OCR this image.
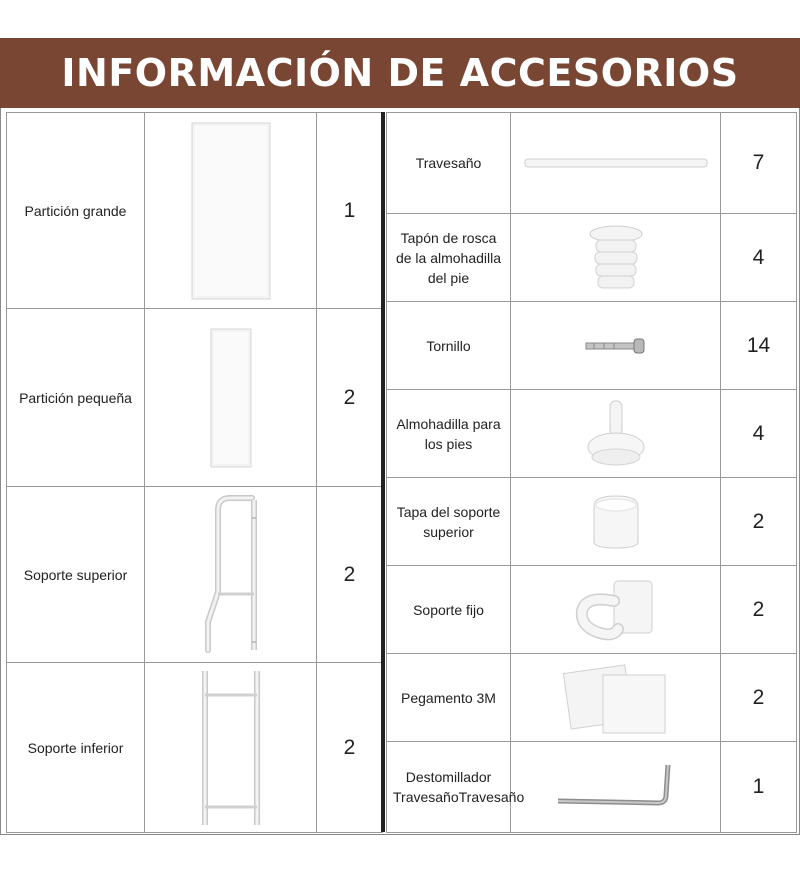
INFORMACIÓN DE ACCESORIOS
Partición grande		1
Partición pequeña		2
Soporte superior		2
Soporte inferior		2
Travesaño		7
Tapón de rosca de la almohadilla del pie		4
Tornillo		14
Almohadilla para los pies		4
Tapa del soporte superior		2
Soporte fijo		2
Pegamento 3M		2
Destomillador TravesañoTravesaño		1
